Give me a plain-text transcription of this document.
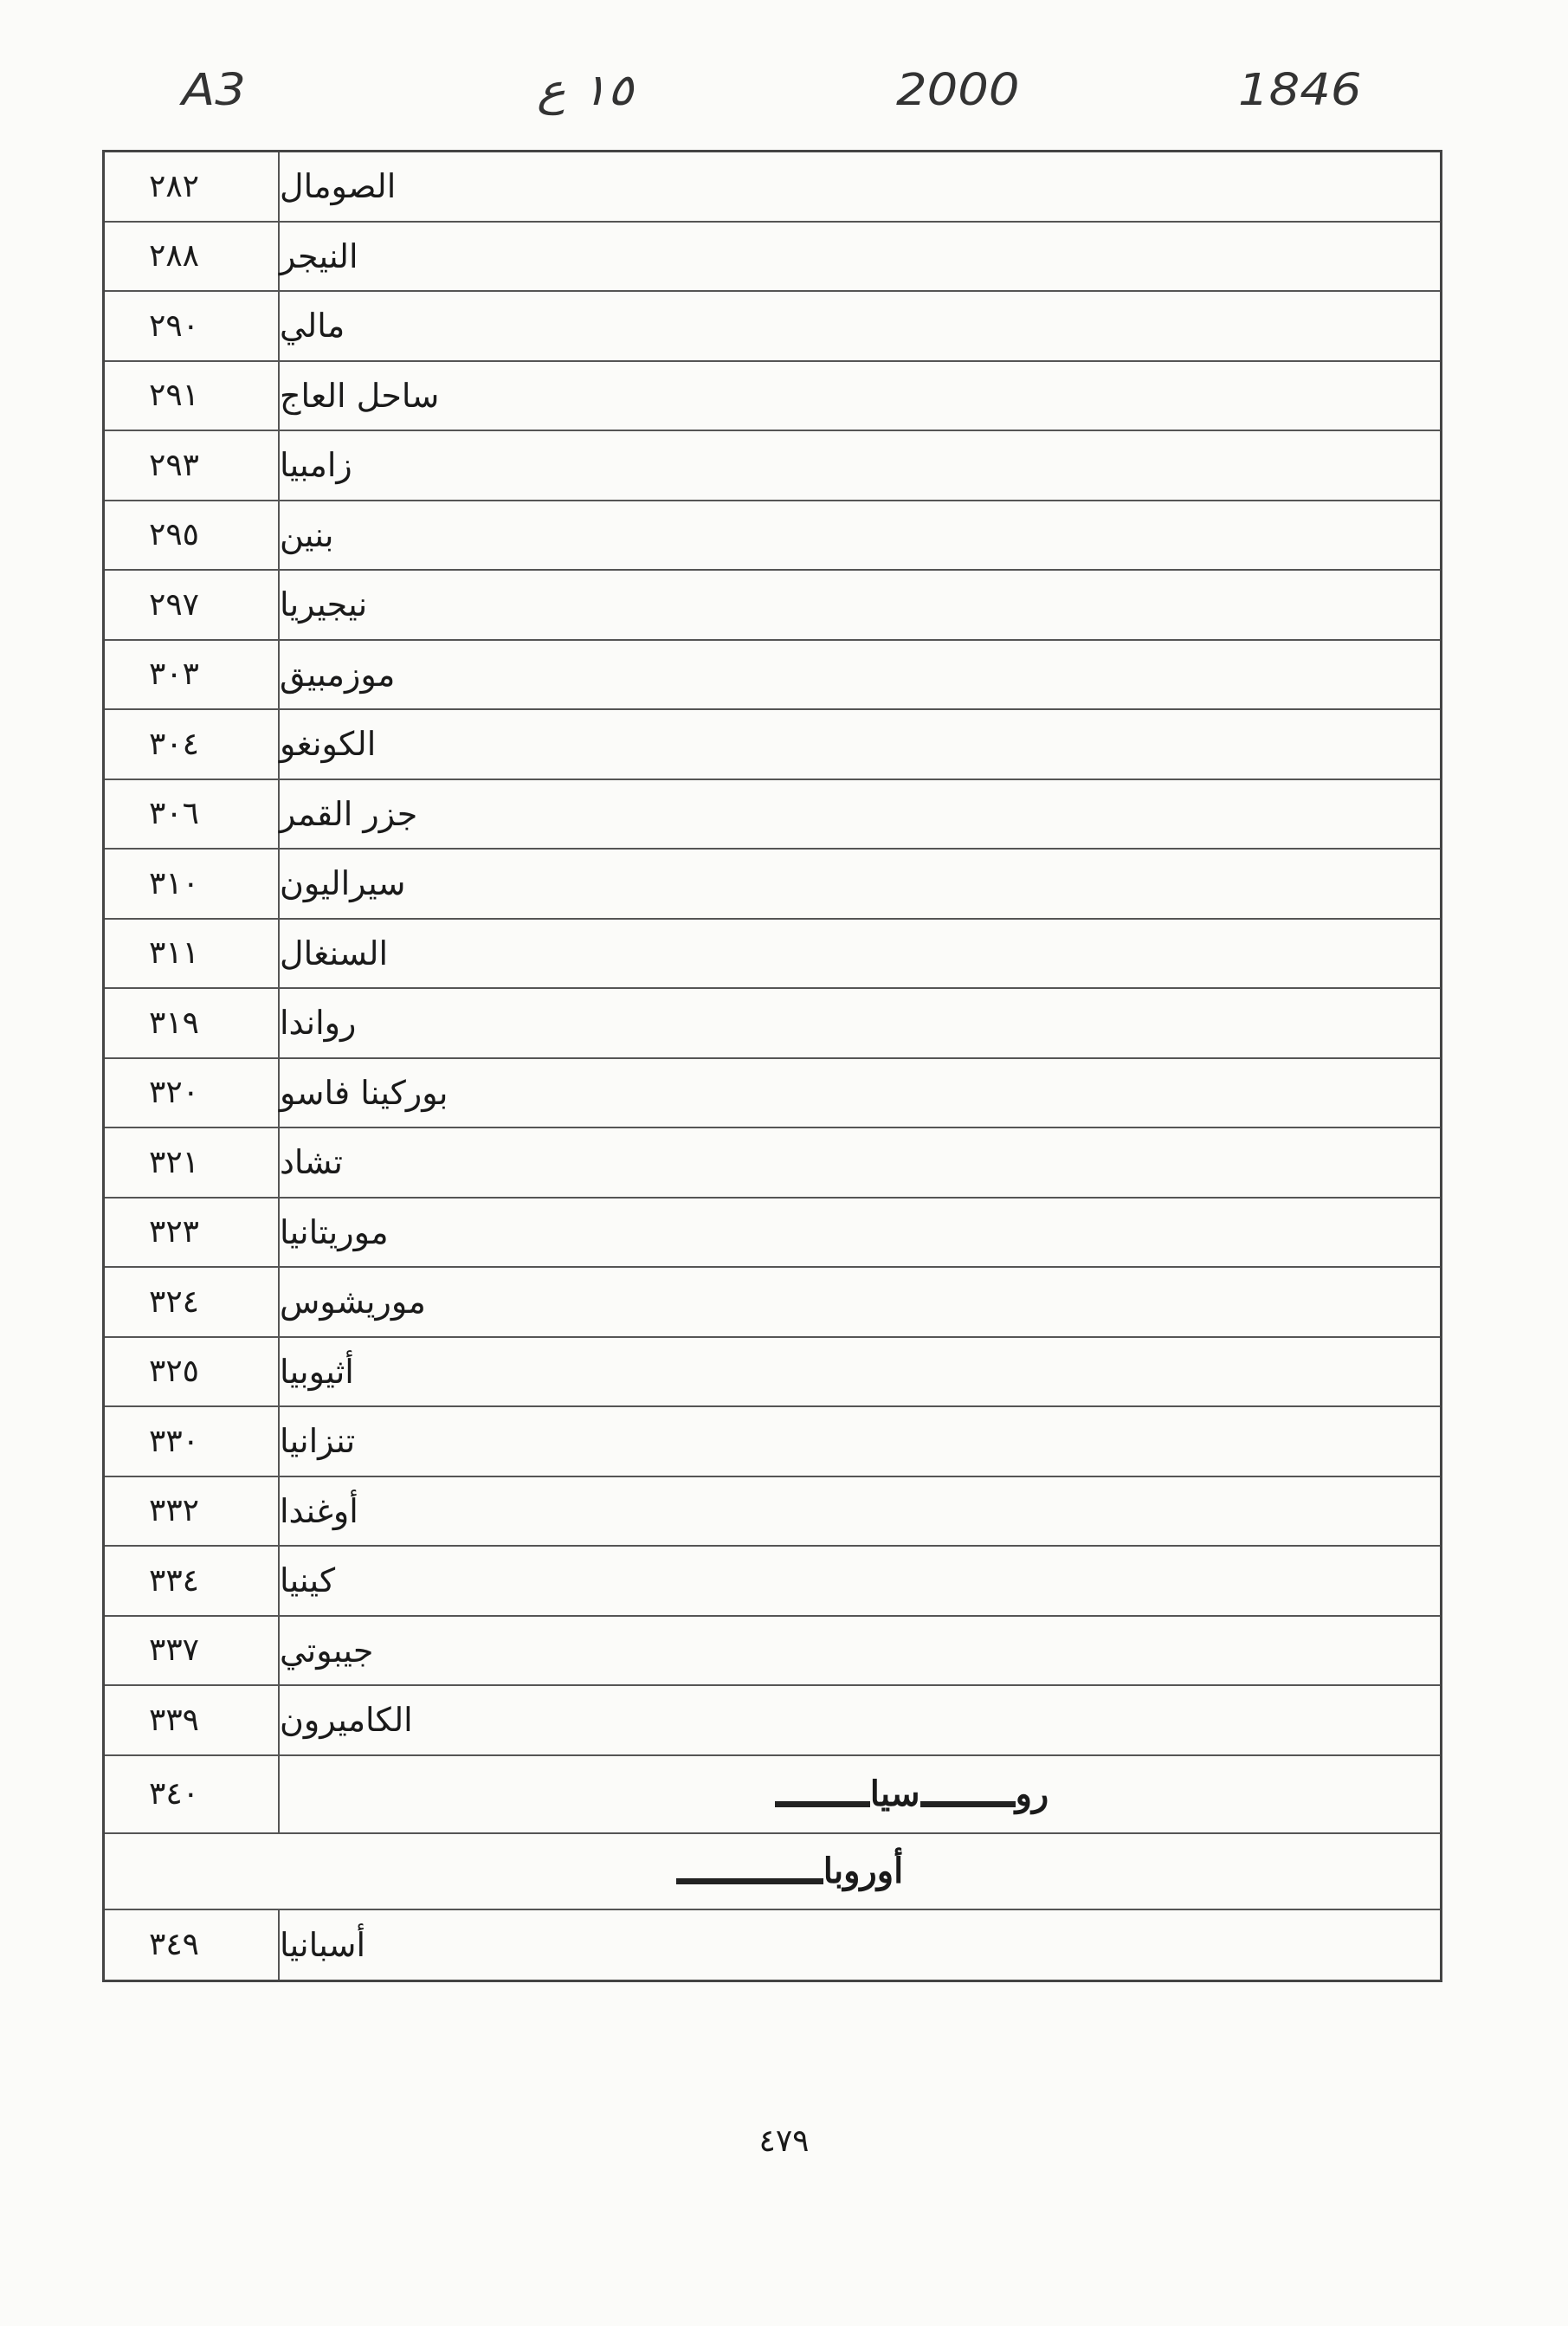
A3	١٥ ع	2000	1846
٢٨٢	الصومال
٢٨٨	النيجر
٢٩٠	مالي
٢٩١	ساحل العاج
٢٩٣	زامبيا
٢٩٥	بنين
٢٩٧	نيجيريا
٣٠٣	موزمبيق
٣٠٤	الكونغو
٣٠٦	جزر القمر
٣١٠	سيراليون
٣١١	السنغال
٣١٩	رواندا
٣٢٠	بوركينا فاسو
٣٢١	تشاد
٣٢٣	موريتانيا
٣٢٤	موريشوس
٣٢٥	أثيوبيا
٣٣٠	تنزانيا
٣٣٢	أوغندا
٣٣٤	كينيا
٣٣٧	جيبوتي
٣٣٩	الكاميرون
٣٤٠	رو
سيا
أوروبا
٣٤٩	أسبانيا
٤٧٩
